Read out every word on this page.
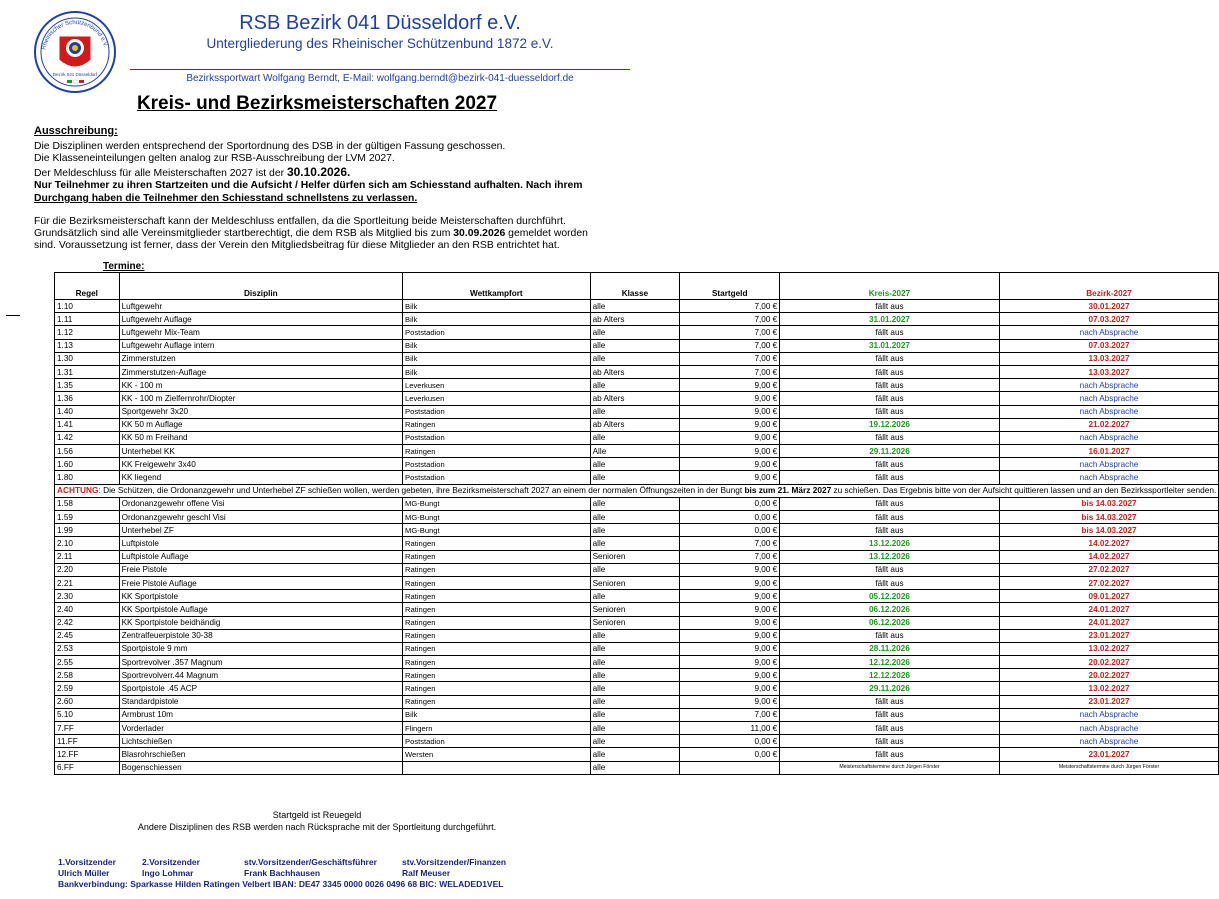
Rheinischer Schützenbund e.V.
Bezirk 041 Düsseldorf
RSB Bezirk 041 Düsseldorf e.V.
Untergliederung des Rheinischer Schützenbund 1872 e.V.
Bezirkssportwart Wolfgang Berndt, E-Mail: wolfgang.berndt@bezirk-041-duesseldorf.de
Kreis- und Bezirksmeisterschaften 2027
Ausschreibung:
Die Disziplinen werden entsprechend der Sportordnung des DSB in der gültigen Fassung geschossen.
Die Klasseneinteilungen gelten analog zur RSB-Ausschreibung der LVM 2027.
Der Meldeschluss für alle Meisterschaften 2027 ist der 30.10.2026.
Nur Teilnehmer zu ihren Startzeiten und die Aufsicht / Helfer dürfen sich am Schiesstand aufhalten. Nach ihrem
Durchgang haben die Teilnehmer den Schiesstand schnellstens zu verlassen.
Für die Bezirksmeisterschaft kann der Meldeschluss entfallen, da die Sportleitung beide Meisterschaften durchführt.
Grundsätzlich sind alle Vereinsmitglieder startberechtigt, die dem RSB als Mitglied bis zum 30.09.2026 gemeldet worden
sind. Voraussetzung ist ferner, dass der Verein den Mitgliedsbeitrag für diese Mitglieder an den RSB entrichtet hat.
Termine:
Regel	Disziplin	Wettkampfort	Klasse	Startgeld	Kreis-2027	Bezirk-2027
1.10	Luftgewehr	Bilk	alle	7,00 €	fällt aus	30.01.2027
1.11	Luftgewehr Auflage	Bilk	ab Alters	7,00 €	31.01.2027	07.03.2027
1.12	Luftgewehr Mix-Team	Poststadion	alle	7,00 €	fällt aus	nach Absprache
1.13	Luftgewehr Auflage intern	Bilk	alle	7,00 €	31.01.2027	07.03.2027
1.30	Zimmerstutzen	Bilk	alle	7,00 €	fällt aus	13.03.2027
1.31	Zimmerstutzen-Auflage	Bilk	ab Alters	7,00 €	fällt aus	13.03.2027
1.35	KK - 100 m	Leverkusen	alle	9,00 €	fällt aus	nach Absprache
1.36	KK - 100 m Zielfernrohr/Diopter	Leverkusen	ab Alters	9,00 €	fällt aus	nach Absprache
1.40	Sportgewehr 3x20	Poststadion	alle	9,00 €	fällt aus	nach Absprache
1.41	KK 50 m Auflage	Ratingen	ab Alters	9,00 €	19.12.2026	21.02.2027
1.42	KK 50 m Freihand	Poststadion	alle	9,00 €	fällt aus	nach Absprache
1.56	Unterhebel KK	Ratingen	Alle	9,00 €	29.11.2026	16.01.2027
1.60	KK Freigewehr 3x40	Poststadion	alle	9,00 €	fällt aus	nach Absprache
1.80	KK liegend	Poststadion	alle	9,00 €	fällt aus	nach Absprache
ACHTUNG: Die Schützen, die Ordonanzgewehr und Unterhebel ZF schießen wollen, werden gebeten, ihre Bezirksmeisterschaft 2027 an einem der normalen Öffnungszeiten in der Bungt bis zum 21. März 2027 zu schießen. Das Ergebnis bitte von der Aufsicht quittieren lassen und an den Bezirkssportleiter senden.						
1.58	Ordonanzgewehr offene Visi	MG-Bungt	alle	0,00 €	fällt aus	bis 14.03.2027
1.59	Ordonanzgewehr geschl Visi	MG-Bungt	alle	0,00 €	fällt aus	bis 14.03.2027
1.99	Unterhebel ZF	MG-Bungt	alle	0,00 €	fällt aus	bis 14.03.2027
2.10	Luftpistole	Ratingen	alle	7,00 €	13.12.2026	14.02.2027
2.11	Luftpistole Auflage	Ratingen	Senioren	7,00 €	13.12.2026	14.02.2027
2.20	Freie Pistole	Ratingen	alle	9,00 €	fällt aus	27.02.2027
2.21	Freie Pistole Auflage	Ratingen	Senioren	9,00 €	fällt aus	27.02.2027
2.30	KK Sportpistole	Ratingen	alle	9,00 €	05.12.2026	09.01.2027
2.40	KK Sportpistole Auflage	Ratingen	Senioren	9,00 €	06.12.2026	24.01.2027
2.42	KK Sportpistole beidhändig	Ratingen	Senioren	9,00 €	06.12.2026	24.01.2027
2.45	Zentralfeuerpistole 30-38	Ratingen	alle	9,00 €	fällt aus	23.01.2027
2.53	Sportpistole 9 mm	Ratingen	alle	9,00 €	28.11.2026	13.02.2027
2.55	Sportrevolver .357 Magnum	Ratingen	alle	9,00 €	12.12.2026	20.02.2027
2.58	Sportrevolverr.44 Magnum	Ratingen	alle	9,00 €	12.12.2026	20.02.2027
2.59	Sportpistole .45 ACP	Ratingen	alle	9,00 €	29.11.2026	13.02.2027
2.60	Standardpistole	Ratingen	alle	9,00 €	fällt aus	23.01.2027
5.10	Armbrust 10m	Bilk	alle	7,00 €	fällt aus	nach Absprache
7.FF	Vorderlader	Flingern	alle	11,00 €	fällt aus	nach Absprache
11.FF	Lichtschießen	Poststadion	alle	0,00 €	fällt aus	nach Absprache
12.FF	Blasrohrschießen	Wersten	alle	0,00 €	fällt aus	23.01.2027
6.FF	Bogenschiessen		alle		Meisterschaftstermine durch Jürgen Förster	Meisterschaftstermine durch Jürgen Förster
Startgeld ist Reuegeld
Andere Disziplinen des RSB werden nach Rücksprache mit der Sportleitung durchgeführt.
1.Vorsitzender
Ulrich Müller
2.Vorsitzender
Ingo Lohmar
stv.Vorsitzender/Geschäftsführer
Frank Bachhausen
stv.Vorsitzender/Finanzen
Ralf Meuser
Bankverbindung: Sparkasse Hilden Ratingen Velbert IBAN: DE47 3345 0000 0026 0496 68 BIC: WELADED1VEL
